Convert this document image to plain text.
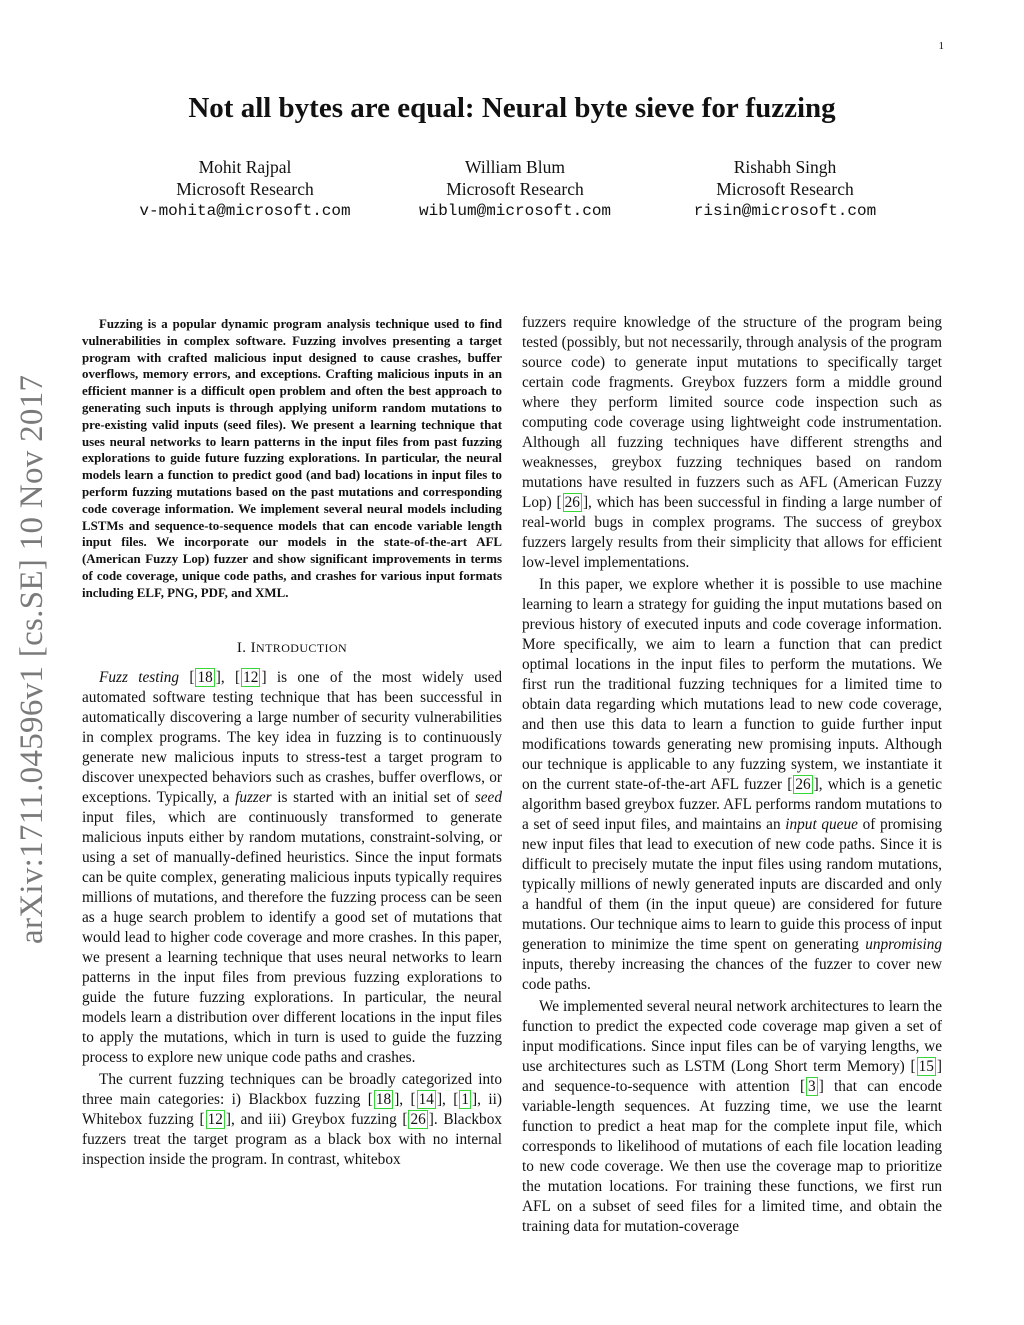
1
arXiv:1711.04596v1 [cs.SE] 10 Nov 2017
Not all bytes are equal: Neural byte sieve for fuzzing
Mohit Rajpal
Microsoft Research
v-mohita@microsoft.com
William Blum
Microsoft Research
wiblum@microsoft.com
Rishabh Singh
Microsoft Research
risin@microsoft.com

Fuzzing is a popular dynamic program analysis technique used to find vulnerabilities in complex software. Fuzzing involves presenting a target program with crafted malicious input designed to cause crashes, buffer overflows, memory errors, and exceptions. Crafting malicious inputs in an efficient manner is a difficult open problem and often the best approach to generating such inputs is through applying uniform random mutations to pre-existing valid inputs (seed files). We present a learning technique that uses neural networks to learn patterns in the input files from past fuzzing explorations to guide future fuzzing explorations. In particular, the neural models learn a function to predict good (and bad) locations in input files to perform fuzzing mutations based on the past mutations and corresponding code coverage information. We implement several neural models including LSTMs and sequence-to-sequence models that can encode variable length input files. We incorporate our models in the state-of-the-art AFL (American Fuzzy Lop) fuzzer and show significant improvements in terms of code coverage, unique code paths, and crashes for various input formats including ELF, PNG, PDF, and XML.

I. INTRODUCTION

Fuzz testing [ 18 ], [ 12 ] is one of the most widely used automated software testing technique that has been successful in automatically discovering a large number of security vulnerabilities in complex programs. The key idea in fuzzing is to continuously generate new malicious inputs to stress-test a target program to discover unexpected behaviors such as crashes, buffer overflows, or exceptions. Typically, a fuzzer is started with an initial set of seed input files, which are continuously transformed to generate malicious inputs either by random mutations, constraint-solving, or using a set of manually-defined heuristics. Since the input formats can be quite complex, generating malicious inputs typically requires millions of mutations, and therefore the fuzzing process can be seen as a huge search problem to identify a good set of mutations that would lead to higher code coverage and more crashes. In this paper, we present a learning technique that uses neural networks to learn patterns in the input files from previous fuzzing explorations to guide the future fuzzing explorations. In particular, the neural models learn a distribution over different locations in the input files to apply the mutations, which in turn is used to guide the fuzzing process to explore new unique code paths and crashes.

The current fuzzing techniques can be broadly categorized into three main categories: i) Blackbox fuzzing [ 18 ], [ 14 ], [ 1 ], ii) Whitebox fuzzing [ 12 ], and iii) Greybox fuzzing [ 26 ]. Blackbox fuzzers treat the target program as a black box with no internal inspection inside the program. In contrast, whitebox

fuzzers require knowledge of the structure of the program being tested (possibly, but not necessarily, through analysis of the program source code) to generate input mutations to specifically target certain code fragments. Greybox fuzzers form a middle ground where they perform limited source code inspection such as computing code coverage using lightweight code instrumentation. Although all fuzzing techniques have different strengths and weaknesses, greybox fuzzing techniques based on random mutations have resulted in fuzzers such as AFL (American Fuzzy Lop) [ 26 ], which has been successful in finding a large number of real-world bugs in complex programs. The success of greybox fuzzers largely results from their simplicity that allows for efficient low-level implementations.

In this paper, we explore whether it is possible to use machine learning to learn a strategy for guiding the input mutations based on previous history of executed inputs and code coverage information. More specifically, we aim to learn a function that can predict optimal locations in the input files to perform the mutations. We first run the traditional fuzzing techniques for a limited time to obtain data regarding which mutations lead to new code coverage, and then use this data to learn a function to guide further input modifications towards generating new promising inputs. Although our technique is applicable to any fuzzing system, we instantiate it on the current state-of-the-art AFL fuzzer [ 26 ], which is a genetic algorithm based greybox fuzzer. AFL performs random mutations to a set of seed input files, and maintains an input queue of promising new input files that lead to execution of new code paths. Since it is difficult to precisely mutate the input files using random mutations, typically millions of newly generated inputs are discarded and only a handful of them (in the input queue) are considered for future mutations. Our technique aims to learn to guide this process of input generation to minimize the time spent on generating unpromising inputs, thereby increasing the chances of the fuzzer to cover new code paths.

We implemented several neural network architectures to learn the function to predict the expected code coverage map given a set of input modifications. Since input files can be of varying lengths, we use architectures such as LSTM (Long Short term Memory) [ 15 ] and sequence-to-sequence with attention [ 3 ] that can encode variable-length sequences. At fuzzing time, we use the learnt function to predict a heat map for the complete input file, which corresponds to likelihood of mutations of each file location leading to new code coverage. We then use the coverage map to prioritize the mutation locations. For training these functions, we first run AFL on a subset of seed files for a limited time, and obtain the training data for mutation-coverage
